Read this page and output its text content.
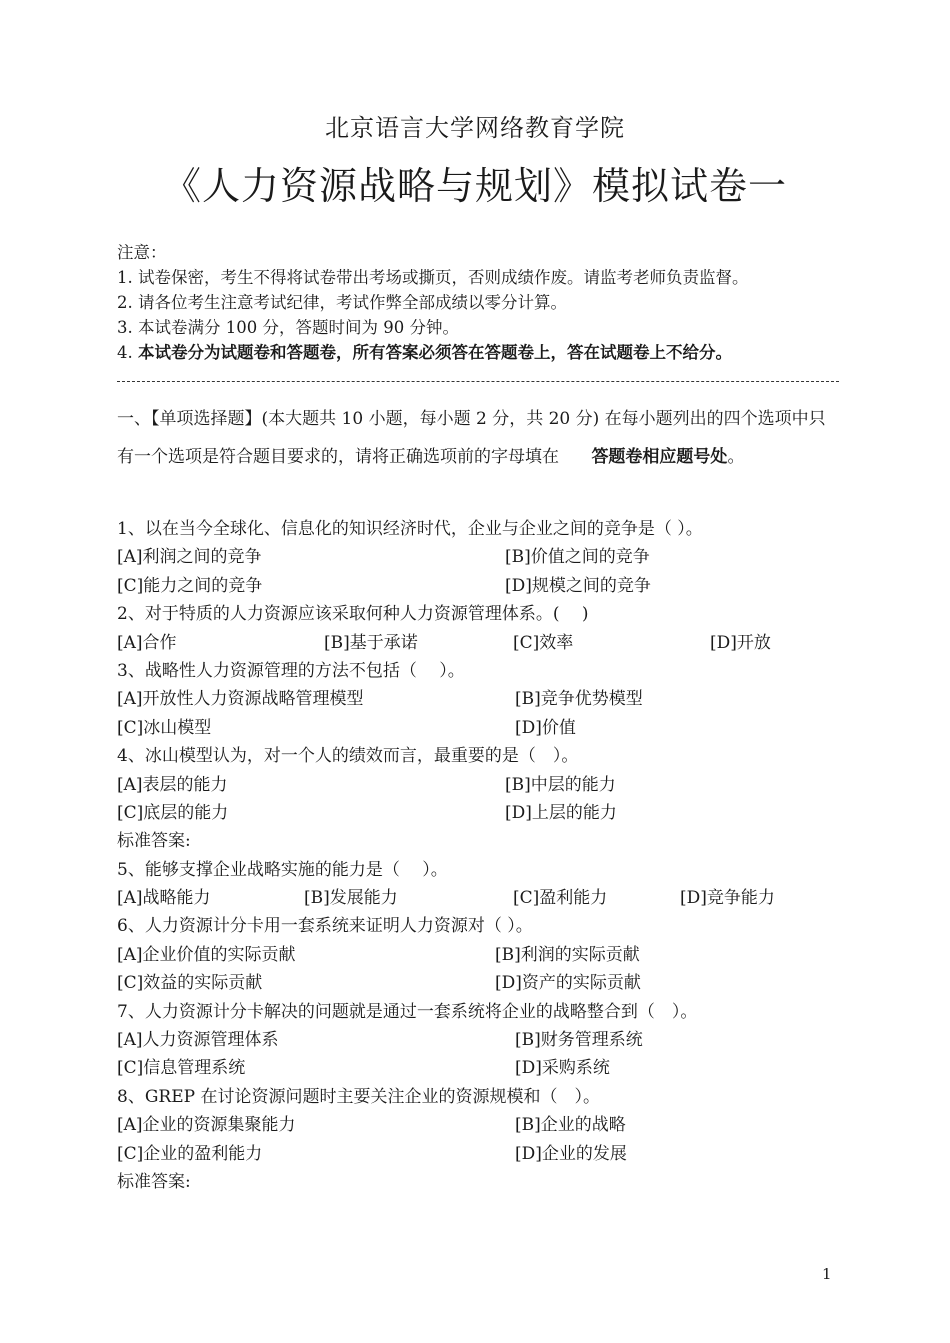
北京语言大学网络教育学院
《人力资源战略与规划》模拟试卷一
注意：
1. 试卷保密，考生不得将试卷带出考场或撕页，否则成绩作废。请监考老师负责监督。
2. 请各位考生注意考试纪律，考试作弊全部成绩以零分计算。
3. 本试卷满分 100 分，答题时间为 90 分钟。
4. 本试卷分为试题卷和答题卷，所有答案必须答在答题卷上，答在试题卷上不给分。
一、【单项选择题】(本大题共 10 小题，每小题 2 分，共 20 分) 在每小题列出的四个选项中只有一个选项是符合题目要求的，请将正确选项前的字母填在 答题卷相应题号处。
1、以在当今全球化、信息化的知识经济时代，企业与企业之间的竞争是（ ）。
[A]利润之间的竞争	[B]价值之间的竞争
[C]能力之间的竞争	[D]规模之间的竞争
2、对于特质的人力资源应该采取何种人力资源管理体系。(　 )
[A]合作	[B]基于承诺	[C]效率	[D]开放
3、战略性人力资源管理的方法不包括（　 ）。
[A]开放性人力资源战略管理模型	[B]竞争优势模型
[C]冰山模型	[D]价值
4、冰山模型认为，对一个人的绩效而言，最重要的是（　）。
[A]表层的能力	[B]中层的能力
[C]底层的能力	[D]上层的能力
标准答案:
5、能够支撑企业战略实施的能力是（　 ）。
[A]战略能力	[B]发展能力	[C]盈利能力	[D]竞争能力
6、人力资源计分卡用一套系统来证明人力资源对（ ）。
[A]企业价值的实际贡献	[B]利润的实际贡献
[C]效益的实际贡献	[D]资产的实际贡献
7、人力资源计分卡解决的问题就是通过一套系统将企业的战略整合到（　）。
[A]人力资源管理体系	[B]财务管理系统
[C]信息管理系统	[D]采购系统
8、GREP 在讨论资源问题时主要关注企业的资源规模和（　）。
[A]企业的资源集聚能力	[B]企业的战略
[C]企业的盈利能力	[D]企业的发展
标准答案:
1
